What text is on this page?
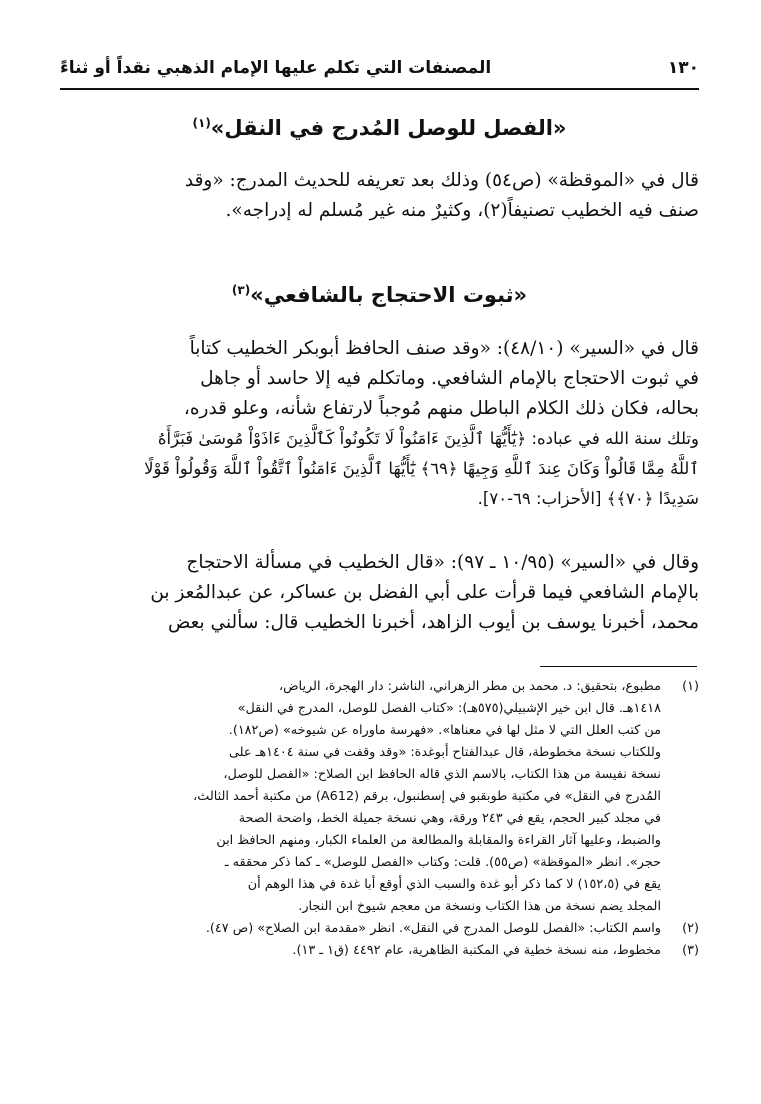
١٣٠
المصنفات التي تكلم عليها الإمام الذهبي نقداً أو ثناءً
«الفصل للوصل المُدرج في النقل»$^{(١)}$
قال في «الموقظة» (ص٥٤) وذلك بعد تعريفه للحديث المدرج: «وقد
صنف فيه الخطيب تصنيفاً(٢)، وكثيرٌ منه غير مُسلم له إدراجه».
«ثبوت الاحتجاج بالشافعي»$^{(٣)}$
قال في «السير» (٤٨/١٠): «وقد صنف الحافظ أبوبكر الخطيب كتاباً
في ثبوت الاحتجاج بالإمام الشافعي. وماتكلم فيه إلا حاسد أو جاهل
بحاله، فكان ذلك الكلام الباطل منهم مُوجباً لارتفاع شأنه، وعلو قدره،
وتلك سنة الله في عباده: ﴿يَٰٓأَيُّهَا ٱلَّذِينَ ءَامَنُواْ لَا تَكُونُواْ كَٱلَّذِينَ ءَاذَوْاْ مُوسَىٰ فَبَرَّأَهُ
ٱللَّهُ مِمَّا قَالُواْ وَكَانَ عِندَ ٱللَّهِ وَجِيهًا ﴿٦٩﴾ يَٰٓأَيُّهَا ٱلَّذِينَ ءَامَنُواْ ٱتَّقُواْ ٱللَّهَ وَقُولُواْ قَوْلًا
سَدِيدًا ﴿٧٠﴾﴾ [الأحزاب: ٦٩-٧٠].
وقال في «السير» (١٠/٩٥ ـ ٩٧): «قال الخطيب في مسألة الاحتجاج
بالإمام الشافعي فيما قرأت على أبي الفضل بن عساكر، عن عبدالمُعز بن
محمد، أخبرنا يوسف بن أيوب الزاهد، أخبرنا الخطيب قال: سألني بعض
(١)
مطبوع، بتحقيق: د. محمد بن مطر الزهراني، الناشر: دار الهجرة، الرياض،
١٤١٨هـ. قال ابن خير الإشبيلي(٥٧٥هـ): «كتاب الفصل للوصل، المدرج في النقل»
من كتب العلل التي لا مثل لها في معناها». «فهرسة ماوراه عن شيوخه» (ص١٨٢).
وللكتاب نسخة مخطوطة، قال عبدالفتاح أبوغدة: «وقد وقفت في سنة ١٤٠٤هـ على
نسخة نفيسة من هذا الكتاب، بالاسم الذي قاله الحافظ ابن الصلاح: «الفصل للوصل،
المُدرج في النقل» في مكتبة طوبقبو في إسطنبول، برقم (A612) من مكتبة أحمد الثالث،
في مجلد كبير الحجم، يقع في ٢٤٣ ورقة، وهي نسخة جميلة الخط، واضحة الصحة
والضبط، وعليها آثار القراءة والمقابلة والمطالعة من العلماء الكبار، ومنهم الحافظ ابن
حجر». انظر «الموقظة» (ص٥٥). قلت: وكتاب «الفصل للوصل» ـ كما ذكر محققه ـ
يقع في (١٥٢،٥) لا كما ذكر أبو غدة والسبب الذي أوقع أبا غدة في هذا الوهم أن
المجلد يضم نسخة من هذا الكتاب ونسخة من معجم شيوخ ابن النجار.
(٢)
واسم الكتاب: «الفصل للوصل المدرج في النقل». انظر «مقدمة ابن الصلاح» (ص ٤٧).
(٣)
مخطوط، منه نسخة خطية في المكتبة الظاهرية، عام ٤٤٩٢ (ق١ ـ ١٣).
